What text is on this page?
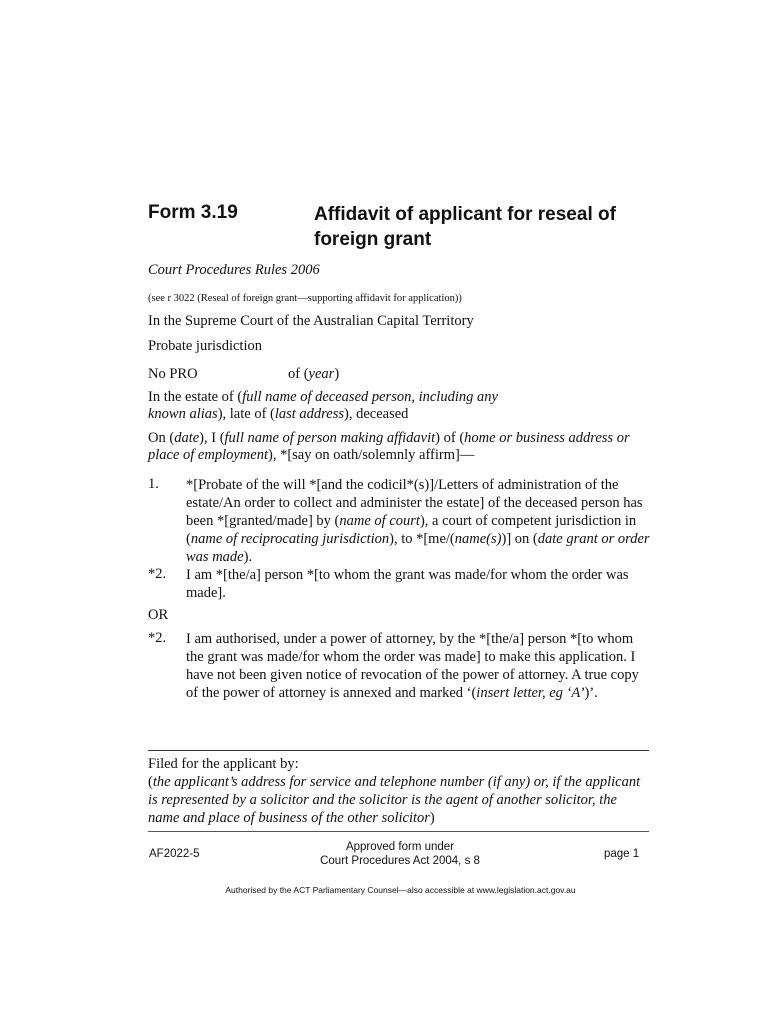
Form 3.19	Affidavit of applicant for reseal of foreign grant
Court Procedures Rules 2006
(see r 3022 (Reseal of foreign grant—supporting affidavit for application))
In the Supreme Court of the Australian Capital Territory
Probate jurisdiction
No PRO	of (year)
In the estate of (full name of deceased person, including any known alias), late of (last address), deceased
On (date), I (full name of person making affidavit) of (home or business address or place of employment), *[say on oath/solemnly affirm]—
1. *[Probate of the will *[and the codicil*(s)]/Letters of administration of the estate/An order to collect and administer the estate] of the deceased person has been *[granted/made] by (name of court), a court of competent jurisdiction in (name of reciprocating jurisdiction), to *[me/(name(s))] on (date grant or order was made).
*2. I am *[the/a] person *[to whom the grant was made/for whom the order was made].
OR
*2. I am authorised, under a power of attorney, by the *[the/a] person *[to whom the grant was made/for whom the order was made] to make this application. I have not been given notice of revocation of the power of attorney. A true copy of the power of attorney is annexed and marked ‘(insert letter, eg ‘A’)’.
Filed for the applicant by:
(the applicant’s address for service and telephone number (if any) or, if the applicant is represented by a solicitor and the solicitor is the agent of another solicitor, the name and place of business of the other solicitor)
AF2022-5
Approved form under
Court Procedures Act 2004, s 8
page 1
Authorised by the ACT Parliamentary Counsel—also accessible at www.legislation.act.gov.au
